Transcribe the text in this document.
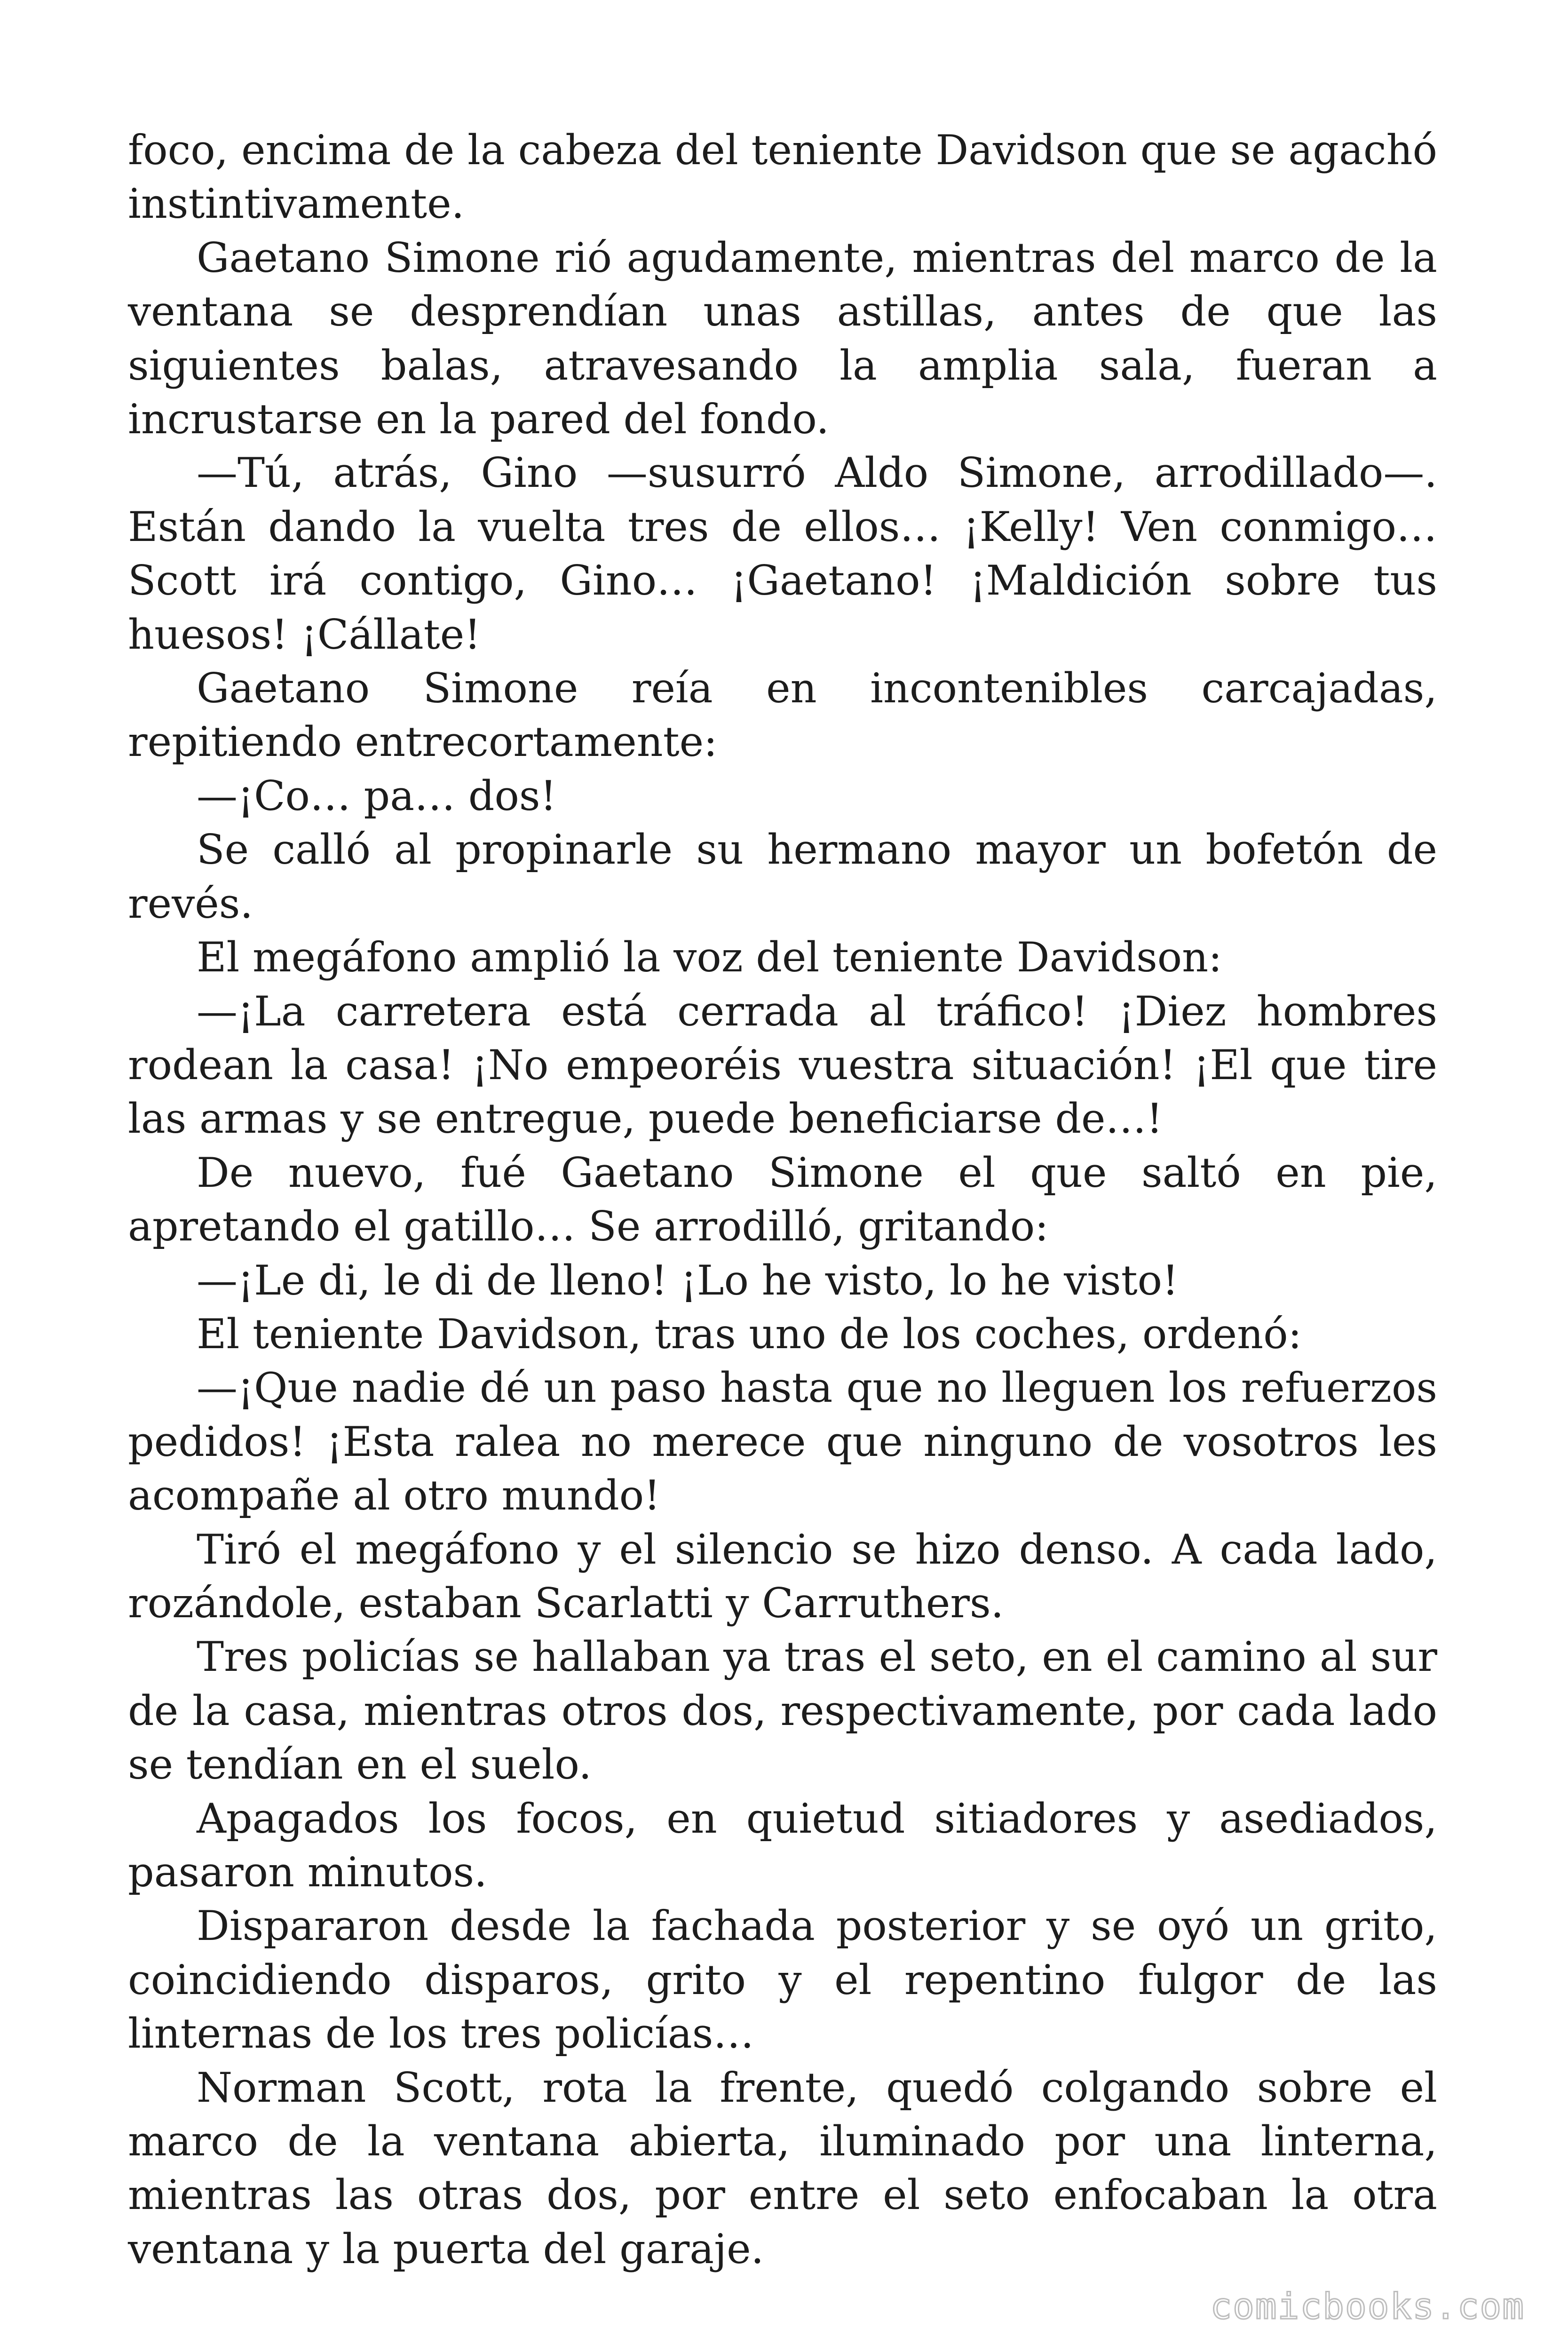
foco, encima de la cabeza del teniente Davidson que se agachó instintivamente.

Gaetano Simone rió agudamente, mientras del marco de la ventana se desprendían unas astillas, antes de que las siguientes balas, atravesando la amplia sala, fueran a incrustarse en la pared del fondo.

—Tú, atrás, Gino —susurró Aldo Simone, arrodillado—. Están dando la vuelta tres de ellos… ¡Kelly! Ven conmigo… Scott irá contigo, Gino… ¡Gaetano! ¡Maldición sobre tus huesos! ¡Cállate!

Gaetano Simone reía en incontenibles carcajadas, repitiendo entrecortamente:

—¡Co… pa… dos!

Se calló al propinarle su hermano mayor un bofetón de revés.

El megáfono amplió la voz del teniente Davidson:

—¡La carretera está cerrada al tráfico! ¡Diez hombres rodean la casa! ¡No empeoréis vuestra situación! ¡El que tire las armas y se entregue, puede beneficiarse de…!

De nuevo, fué Gaetano Simone el que saltó en pie, apretando el gatillo… Se arrodilló, gritando:

—¡Le di, le di de lleno! ¡Lo he visto, lo he visto!

El teniente Davidson, tras uno de los coches, ordenó:

—¡Que nadie dé un paso hasta que no lleguen los refuerzos pedidos! ¡Esta ralea no merece que ninguno de vosotros les acompañe al otro mundo!

Tiró el megáfono y el silencio se hizo denso. A cada lado, rozándole, estaban Scarlatti y Carruthers.

Tres policías se hallaban ya tras el seto, en el camino al sur de la casa, mientras otros dos, respectivamente, por cada lado se tendían en el suelo.

Apagados los focos, en quietud sitiadores y asediados, pasaron minutos.

Dispararon desde la fachada posterior y se oyó un grito, coincidiendo disparos, grito y el repentino fulgor de las linternas de los tres policías…

Norman Scott, rota la frente, quedó colgando sobre el marco de la ventana abierta, iluminado por una linterna, mientras las otras dos, por entre el seto enfocaban la otra ventana y la puerta del garaje.

comicbooks.com
